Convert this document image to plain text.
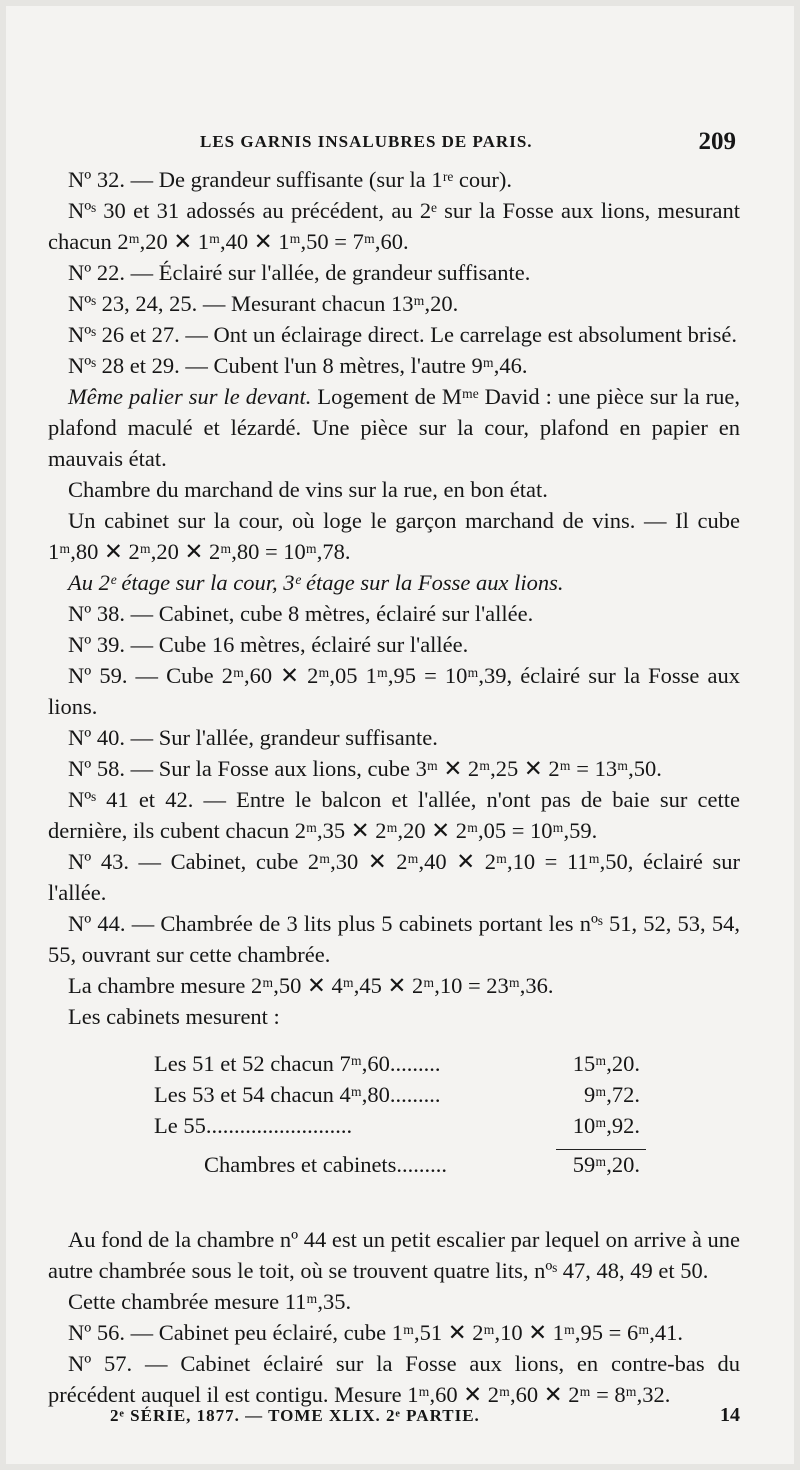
LES GARNIS INSALUBRES DE PARIS.	209

Nº 32. — De grandeur suffisante (sur la 1ʳᵉ cour).

Nºˢ 30 et 31 adossés au précédent, au 2ᵉ sur la Fosse aux lions, mesurant chacun 2ᵐ,20 ✕ 1ᵐ,40 ✕ 1ᵐ,50 = 7ᵐ,60.

Nº 22. — Éclairé sur l'allée, de grandeur suffisante.

Nºˢ 23, 24, 25. — Mesurant chacun 13ᵐ,20.

Nºˢ 26 et 27. — Ont un éclairage direct. Le carrelage est absolument brisé.

Nºˢ 28 et 29. — Cubent l'un 8 mètres, l'autre 9ᵐ,46.

Même palier sur le devant. Logement de Mᵐᵉ David : une pièce sur la rue, plafond maculé et lézardé. Une pièce sur la cour, plafond en papier en mauvais état.

Chambre du marchand de vins sur la rue, en bon état.

Un cabinet sur la cour, où loge le garçon marchand de vins. — Il cube 1ᵐ,80 ✕ 2ᵐ,20 ✕ 2ᵐ,80 = 10ᵐ,78.

Au 2ᵉ étage sur la cour, 3ᵉ étage sur la Fosse aux lions.

Nº 38. — Cabinet, cube 8 mètres, éclairé sur l'allée.

Nº 39. — Cube 16 mètres, éclairé sur l'allée.

Nº 59. — Cube 2ᵐ,60 ✕ 2ᵐ,05 1ᵐ,95 = 10ᵐ,39, éclairé sur la Fosse aux lions.

Nº 40. — Sur l'allée, grandeur suffisante.

Nº 58. — Sur la Fosse aux lions, cube 3ᵐ ✕ 2ᵐ,25 ✕ 2ᵐ = 13ᵐ,50.

Nºˢ 41 et 42. — Entre le balcon et l'allée, n'ont pas de baie sur cette dernière, ils cubent chacun 2ᵐ,35 ✕ 2ᵐ,20 ✕ 2ᵐ,05 = 10ᵐ,59.

Nº 43. — Cabinet, cube 2ᵐ,30 ✕ 2ᵐ,40 ✕ 2ᵐ,10 = 11ᵐ,50, éclairé sur l'allée.

Nº 44. — Chambrée de 3 lits plus 5 cabinets portant les nºˢ 51, 52, 53, 54, 55, ouvrant sur cette chambrée.

La chambre mesure 2ᵐ,50 ✕ 4ᵐ,45 ✕ 2ᵐ,10 = 23ᵐ,36.

Les cabinets mesurent :

Les 51 et 52 chacun 7ᵐ,60.........	15ᵐ,20.
Les 53 et 54 chacun 4ᵐ,80.........	9ᵐ,72.
Le 55..........................	10ᵐ,92.
Chambres et cabinets.........	59ᵐ,20.

Au fond de la chambre nº 44 est un petit escalier par lequel on arrive à une autre chambrée sous le toit, où se trouvent quatre lits, nºˢ 47, 48, 49 et 50.

Cette chambrée mesure 11ᵐ,35.

Nº 56. — Cabinet peu éclairé, cube 1ᵐ,51 ✕ 2ᵐ,10 ✕ 1ᵐ,95 = 6ᵐ,41.

Nº 57. — Cabinet éclairé sur la Fosse aux lions, en contre-bas du précédent auquel il est contigu. Mesure 1ᵐ,60 ✕ 2ᵐ,60 ✕ 2ᵐ = 8ᵐ,32.

2ᵉ SÉRIE, 1877. — TOME XLIX. 2ᵉ PARTIE.	14
